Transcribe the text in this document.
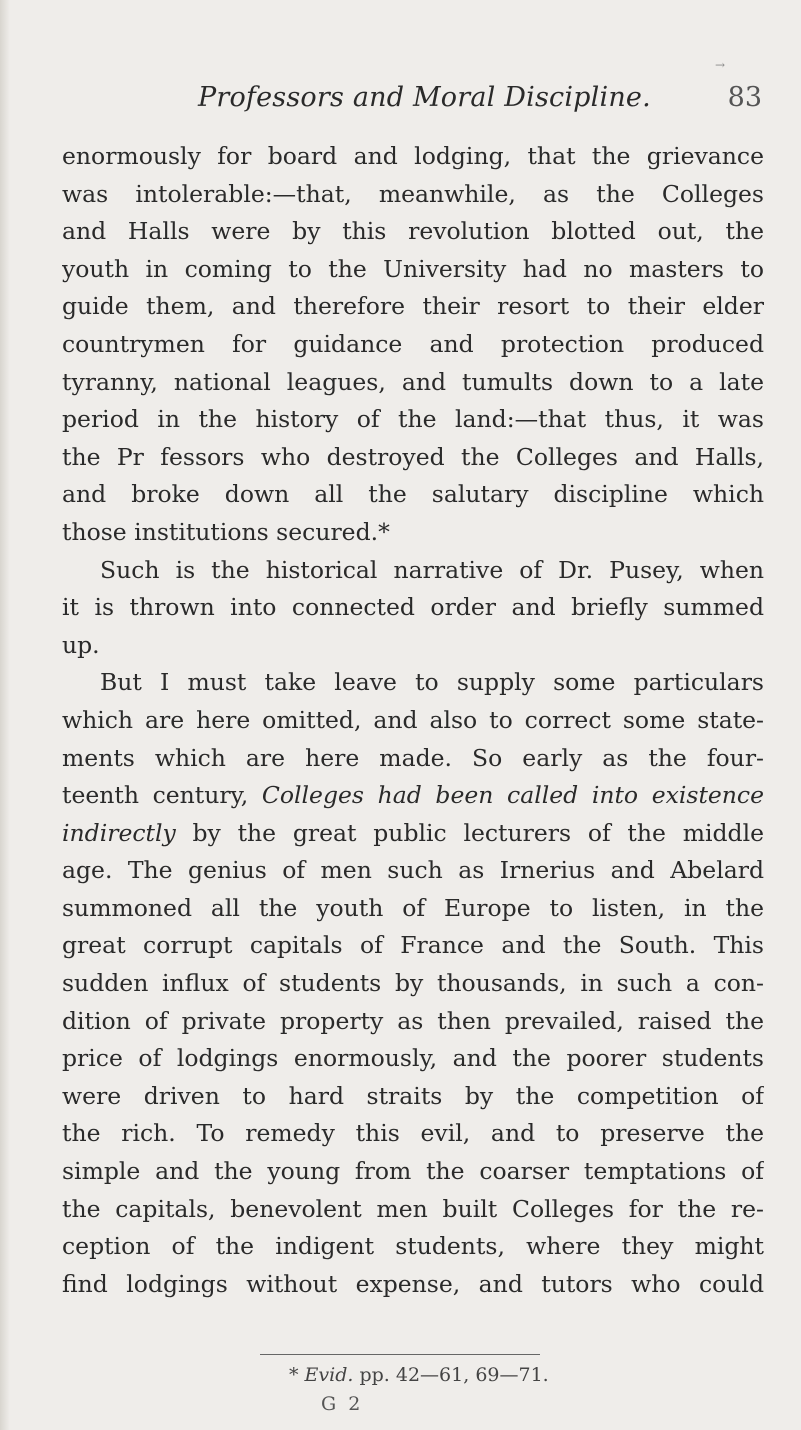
→
Professors and Moral Discipline.	83
enormously for board and lodging, that the grievance
was intolerable:—that, meanwhile, as the Colleges
and Halls were by this revolution blotted out, the
youth in coming to the University had no masters to
guide them, and therefore their resort to their elder
countrymen for guidance and protection produced
tyranny, national leagues, and tumults down to a late
period in the history of the land:—that thus, it was
the Pr fessors who destroyed the Colleges and Halls,
and broke down all the salutary discipline which
those institutions secured.*
Such is the historical narrative of Dr. Pusey, when
it is thrown into connected order and briefly summed
up.
But I must take leave to supply some particulars
which are here omitted, and also to correct some state-
ments which are here made. So early as the four-
teenth century, Colleges had been called into existence
indirectly by the great public lecturers of the middle
age. The genius of men such as Irnerius and Abelard
summoned all the youth of Europe to listen, in the
great corrupt capitals of France and the South. This
sudden influx of students by thousands, in such a con-
dition of private property as then prevailed, raised the
price of lodgings enormously, and the poorer students
were driven to hard straits by the competition of
the rich. To remedy this evil, and to preserve the
simple and the young from the coarser temptations of
the capitals, benevolent men built Colleges for the re-
ception of the indigent students, where they might
find lodgings without expense, and tutors who could
* Evid. pp. 42—61, 69—71.
G 2
